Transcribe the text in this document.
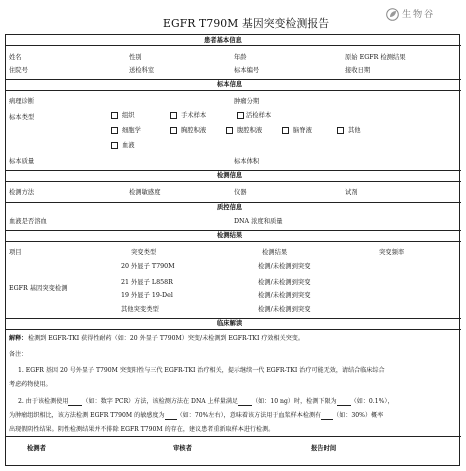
EGFR T790M 基因突变检测报告
生物谷
患者基本信息
标本信息
检测信息
质控信息
检测结果
临床解读
姓名	性别	年龄	原始 EGFR 检测结果
住院号	送检科室	标本编号	接收日期
病理诊断	肿瘤分期
标本类型	组织	手术样本	活检样本
细胞学	胸腔积液	腹腔积液	脑脊液	其他
血液
标本质量	标本体积
检测方法	检测敏感度	仪器	试剂
血液是否溶血	DNA 浓度和质量
项目	突变类型	检测结果	突变频率
EGFR 基因突变检测
20 外显子 T790M	检测/未检测到突变
21 外显子 L858R	检测/未检测到突变
19 外显子 19-Del	检测/未检测到突变
其他突变类型	检测/未检测到突变
解释： 检测到 EGFR-TKI 获得性耐药（如：20 外显子 T790M）突变/未检测到 EGFR-TKI 疗效相关突变。
备注：
1. EGFR 基因 20 号外显子 T790M 突变阳性与三代 EGFR-TKI 治疗相关，提示继续一代 EGFR-TKI 治疗可能无效，请结合临床综合
考虑药物使用。
2. 由于该检测使用 （如：数字 PCR）方法，该检测方法在 DNA 上样量满足 （如：10 ng）时，检测下限为 （如：0.1%），
为肿瘤组织相比，该方法检测 EGFR T790M 的敏感度为 （如：70%左右），意味着该方法用于血浆样本检测有 （如：30%）概率
出现假阴性结果。阴性检测结果并不排除 EGFR T790M 的存在，建议患者重新取样本进行检测。
检测者	审核者	报告时间
